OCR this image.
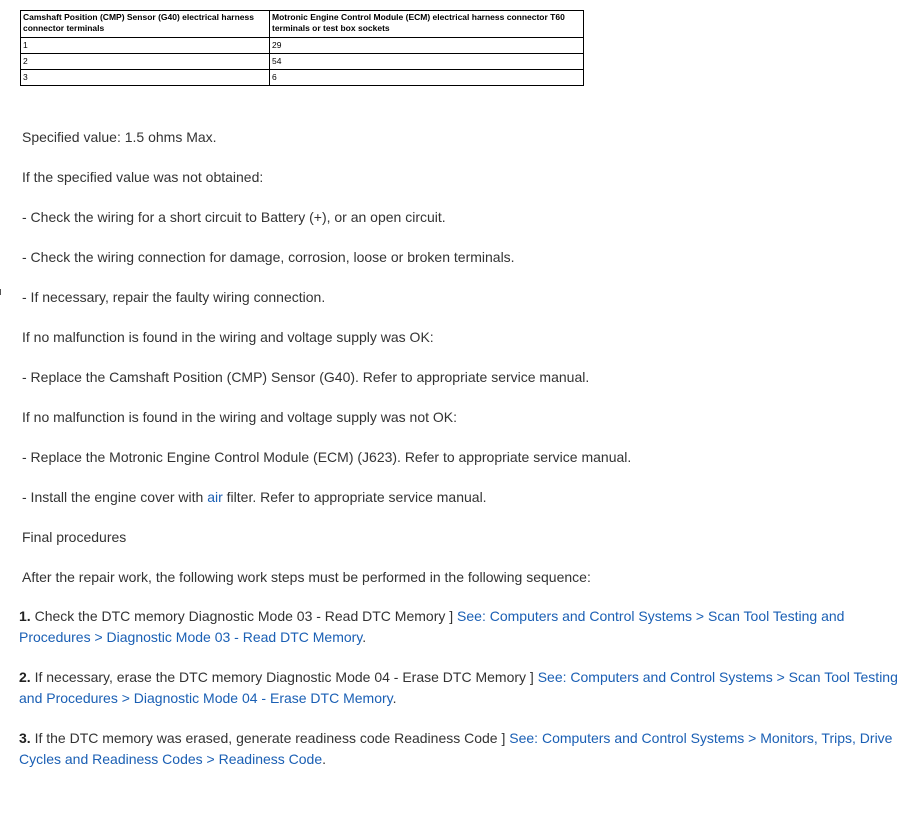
Camshaft Position (CMP) Sensor (G40) electrical harness connector terminals	Motronic Engine Control Module (ECM) electrical harness connector T60 terminals or test box sockets
1	29
2	54
3	6
Specified value: 1.5 ohms Max.
If the specified value was not obtained:
- Check the wiring for a short circuit to Battery (+), or an open circuit.
- Check the wiring connection for damage, corrosion, loose or broken terminals.
- If necessary, repair the faulty wiring connection.
If no malfunction is found in the wiring and voltage supply was OK:
- Replace the Camshaft Position (CMP) Sensor (G40). Refer to appropriate service manual.
If no malfunction is found in the wiring and voltage supply was not OK:
- Replace the Motronic Engine Control Module (ECM) (J623). Refer to appropriate service manual.
- Install the engine cover with air filter. Refer to appropriate service manual.
Final procedures
After the repair work, the following work steps must be performed in the following sequence:
1. Check the DTC memory Diagnostic Mode 03 - Read DTC Memory ] See: Computers and Control Systems > Scan Tool Testing and Procedures > Diagnostic Mode 03 - Read DTC Memory.
2. If necessary, erase the DTC memory Diagnostic Mode 04 - Erase DTC Memory ] See: Computers and Control Systems > Scan Tool Testing and Procedures > Diagnostic Mode 04 - Erase DTC Memory.
3. If the DTC memory was erased, generate readiness code Readiness Code ] See: Computers and Control Systems > Monitors, Trips, Drive Cycles and Readiness Codes > Readiness Code.
